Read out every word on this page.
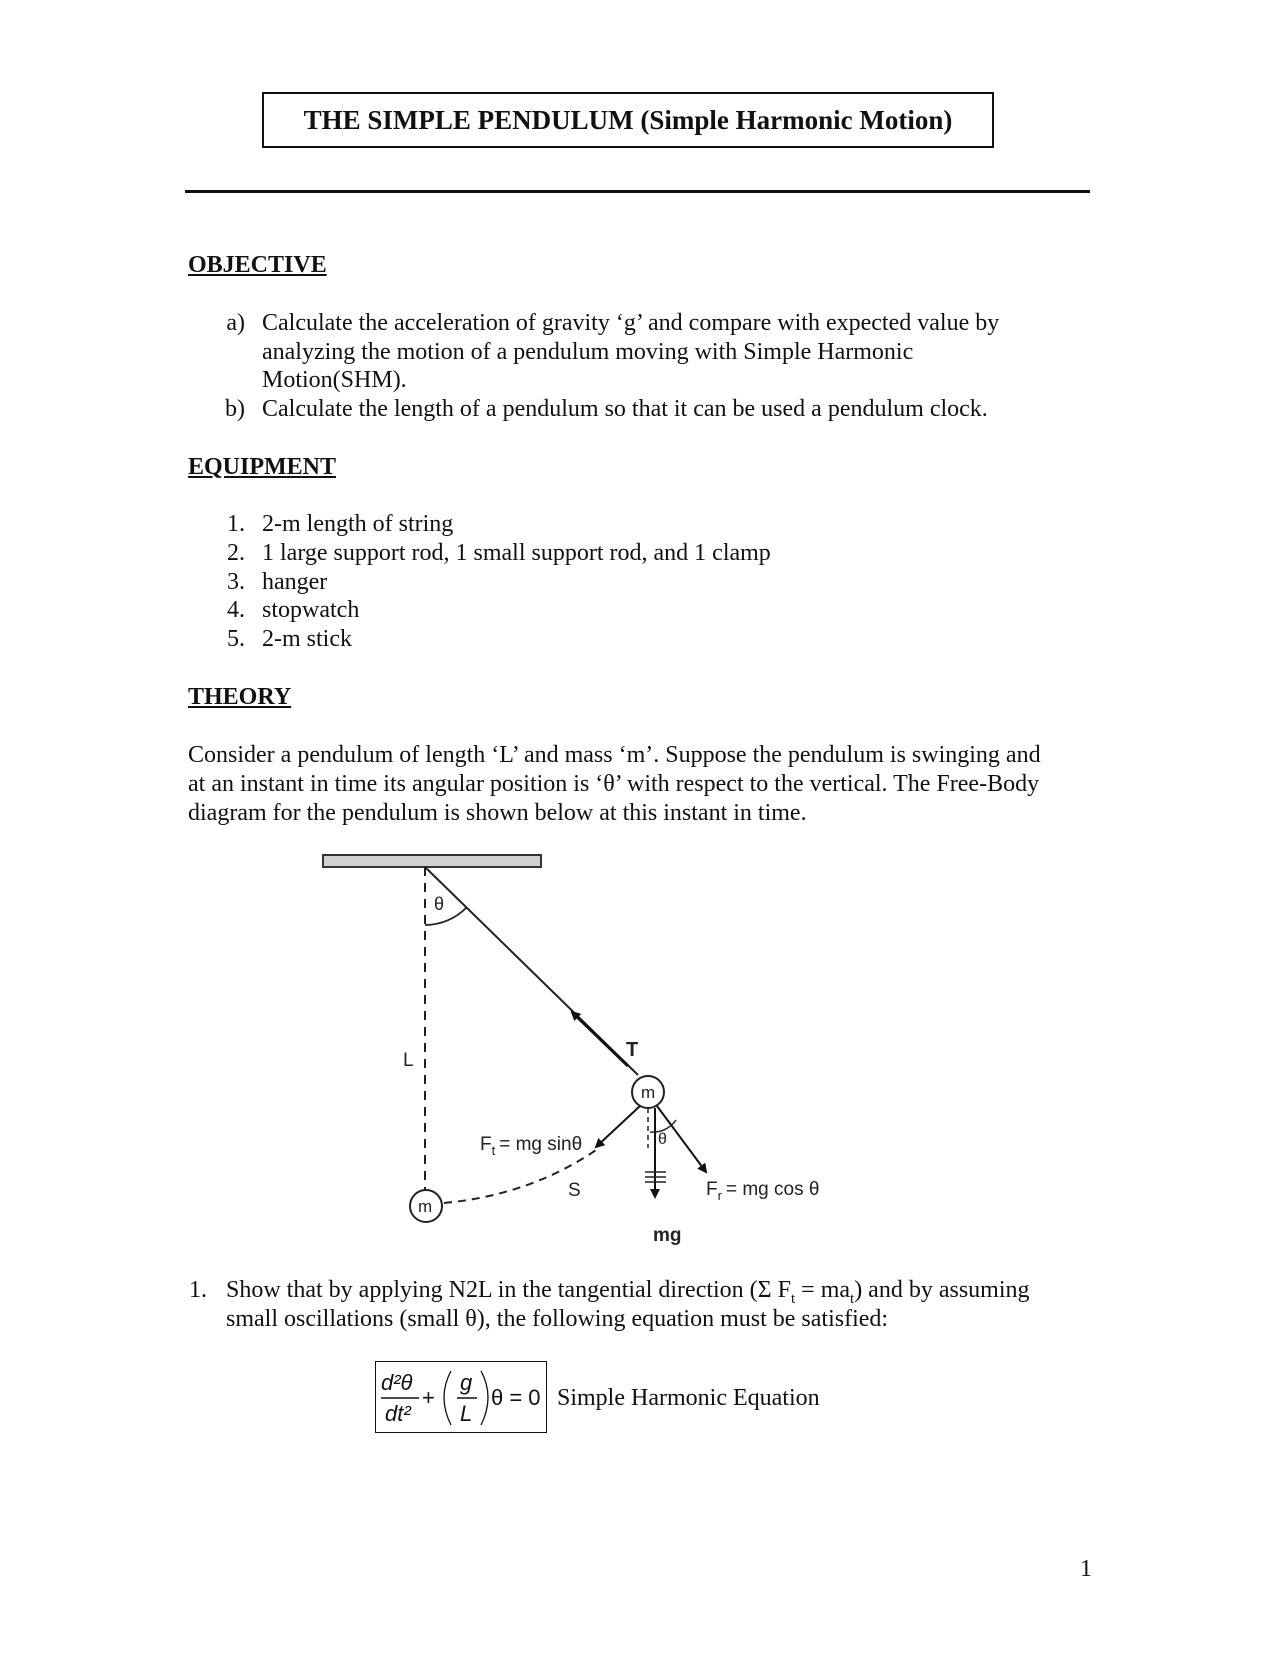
THE SIMPLE PENDULUM (Simple Harmonic Motion)
OBJECTIVE
a) Calculate the acceleration of gravity ‘g’ and compare with expected value by
analyzing the motion of a pendulum moving with Simple Harmonic
Motion(SHM).
b) Calculate the length of a pendulum so that it can be used a pendulum clock.
EQUIPMENT
1. 2-m length of string
2. 1 large support rod, 1 small support rod, and 1 clamp
3. hanger
4. stopwatch
5. 2-m stick
THEORY
Consider a pendulum of length ‘L’ and mass ‘m’. Suppose the pendulum is swinging and
at an instant in time its angular position is ‘θ’ with respect to the vertical. The Free-Body
diagram for the pendulum is shown below at this instant in time.
θ
L	T
m
$F_t$ = mg sinθ
mg
θ
$F_r$ = mg cos θ
m
S
1. Show that by applying N2L in the tangential direction (Σ $F_t = ma_t$) and by assuming
small oscillations (small θ), the following equation must be satisfied:
d²θ
dt²
+
g
L
θ = 0 Simple Harmonic Equation
1
